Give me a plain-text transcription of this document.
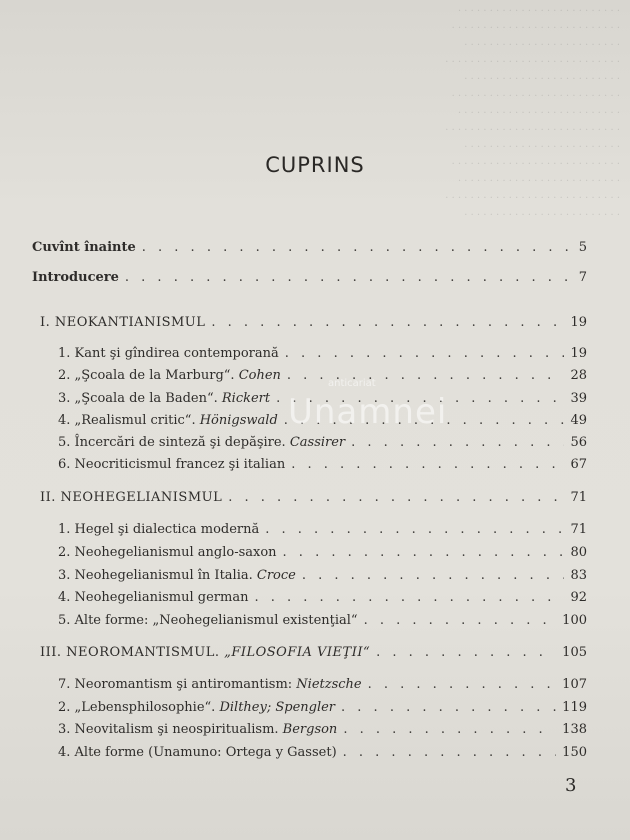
. . . . . . . . . . . . . . . . . . . . . . . . . .
. . . . . . . . . . . . . . . . . . . . . . . . . . .
. . . . . . . . . . . . . . . . . . . . . . . . .
. . . . . . . . . . . . . . . . . . . . . . . . . . . .
. . . . . . . . . . . . . . . . . . . . . . . . .
. . . . . . . . . . . . . . . . . . . . . . . . . . .
. . . . . . . . . . . . . . . . . . . . . . . . . .
. . . . . . . . . . . . . . . . . . . . . . . . . . . .
. . . . . . . . . . . . . . . . . . . . . . . . .
. . . . . . . . . . . . . . . . . . . . . . . . . . .
. . . . . . . . . . . . . . . . . . . . . . . . . .
. . . . . . . . . . . . . . . . . . . . . . . . . . . .
. . . . . . . . . . . . . . . . . . . . . . . . .
CUPRINS
Cuvînt înainte . . .	5
Introducere . . .	7
I. NEOKANTIANISMUL . . .	19
1. Kant şi gîndirea contemporană . . .	19
2. „Şcoala de la Marburg“. Cohen . . .	28
3. „Şcoala de la Baden“. Rickert . . .	39
4. „Realismul critic“. Hönigswald . . .	49
5. Încercări de sinteză şi depăşire. Cassirer . . .	56
6. Neocriticismul francez şi italian . . .	67
II. NEOHEGELIANISMUL . . .	71
1. Hegel şi dialectica modernă . . .	71
2. Neohegelianismul anglo-saxon . . .	80
3. Neohegelianismul în Italia. Croce . . .	83
4. Neohegelianismul german . . .	92
5. Alte forme: „Neohegelianismul existenţial“ . . .	100
III. NEOROMANTISMUL. „FILOSOFIA VIEŢII“ . . .	105
7. Neoromantism şi antiromantism: Nietzsche . . .	107
2. „Lebensphilosophie“. Dilthey; Spengler . . .	119
3. Neovitalism şi neospiritualism. Bergson . . .	138
4. Alte forme (Unamuno: Ortega y Gasset) . . .	150
3
anticariat
Unamnei
